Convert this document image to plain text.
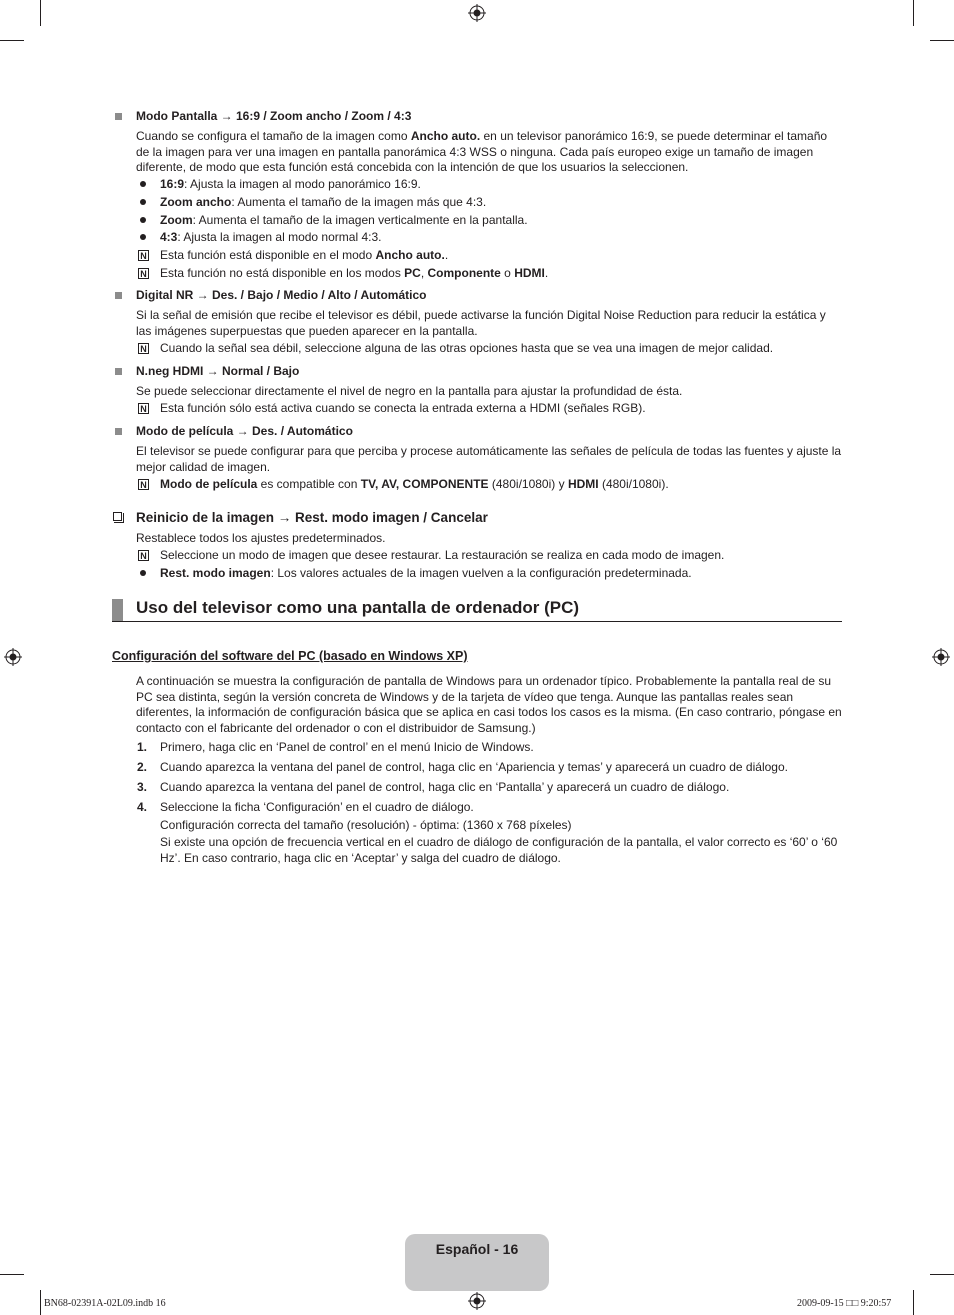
Modo Pantalla → 16:9 / Zoom ancho / Zoom / 4:3
Cuando se configura el tamaño de la imagen como Ancho auto. en un televisor panorámico 16:9, se puede determinar el tamaño de la imagen para ver una imagen en pantalla panorámica 4:3 WSS o ninguna. Cada país europeo exige un tamaño de imagen diferente, de modo que esta función está concebida con la intención de que los usuarios la seleccionen.
16:9: Ajusta la imagen al modo panorámico 16:9.
Zoom ancho: Aumenta el tamaño de la imagen más que 4:3.
Zoom: Aumenta el tamaño de la imagen verticalmente en la pantalla.
4:3: Ajusta la imagen al modo normal 4:3.
N Esta función está disponible en el modo Ancho auto..
N Esta función no está disponible en los modos PC, Componente o HDMI.
Digital NR → Des. / Bajo / Medio / Alto / Automático
Si la señal de emisión que recibe el televisor es débil, puede activarse la función Digital Noise Reduction para reducir la estática y las imágenes superpuestas que pueden aparecer en la pantalla.
N Cuando la señal sea débil, seleccione alguna de las otras opciones hasta que se vea una imagen de mejor calidad.
N.neg HDMI → Normal / Bajo
Se puede seleccionar directamente el nivel de negro en la pantalla para ajustar la profundidad de ésta.
N Esta función sólo está activa cuando se conecta la entrada externa a HDMI (señales RGB).
Modo de película → Des. / Automático
El televisor se puede configurar para que perciba y procese automáticamente las señales de película de todas las fuentes y ajuste la mejor calidad de imagen.
N Modo de película es compatible con TV, AV, COMPONENTE (480i/1080i) y HDMI (480i/1080i).
Reinicio de la imagen → Rest. modo imagen / Cancelar
Restablece todos los ajustes predeterminados.
N Seleccione un modo de imagen que desee restaurar. La restauración se realiza en cada modo de imagen.
Rest. modo imagen: Los valores actuales de la imagen vuelven a la configuración predeterminada.
Uso del televisor como una pantalla de ordenador (PC)
Configuración del software del PC (basado en Windows XP)
A continuación se muestra la configuración de pantalla de Windows para un ordenador típico. Probablemente la pantalla real de su PC sea distinta, según la versión concreta de Windows y de la tarjeta de vídeo que tenga. Aunque las pantallas reales sean diferentes, la información de configuración básica que se aplica en casi todos los casos es la misma. (En caso contrario, póngase en contacto con el fabricante del ordenador o con el distribuidor de Samsung.)
1. Primero, haga clic en ‘Panel de control’ en el menú Inicio de Windows.
2. Cuando aparezca la ventana del panel de control, haga clic en ‘Apariencia y temas’ y aparecerá un cuadro de diálogo.
3. Cuando aparezca la ventana del panel de control, haga clic en ‘Pantalla’ y aparecerá un cuadro de diálogo.
4. Seleccione la ficha ‘Configuración’ en el cuadro de diálogo.
Configuración correcta del tamaño (resolución) - óptima: (1360 x 768 píxeles)
Si existe una opción de frecuencia vertical en el cuadro de diálogo de configuración de la pantalla, el valor correcto es ‘60’ o ‘60 Hz’. En caso contrario, haga clic en ‘Aceptar’ y salga del cuadro de diálogo.
Español - 16
BN68-02391A-02L09.indb 16	2009-09-15 □□ 9:20:57
